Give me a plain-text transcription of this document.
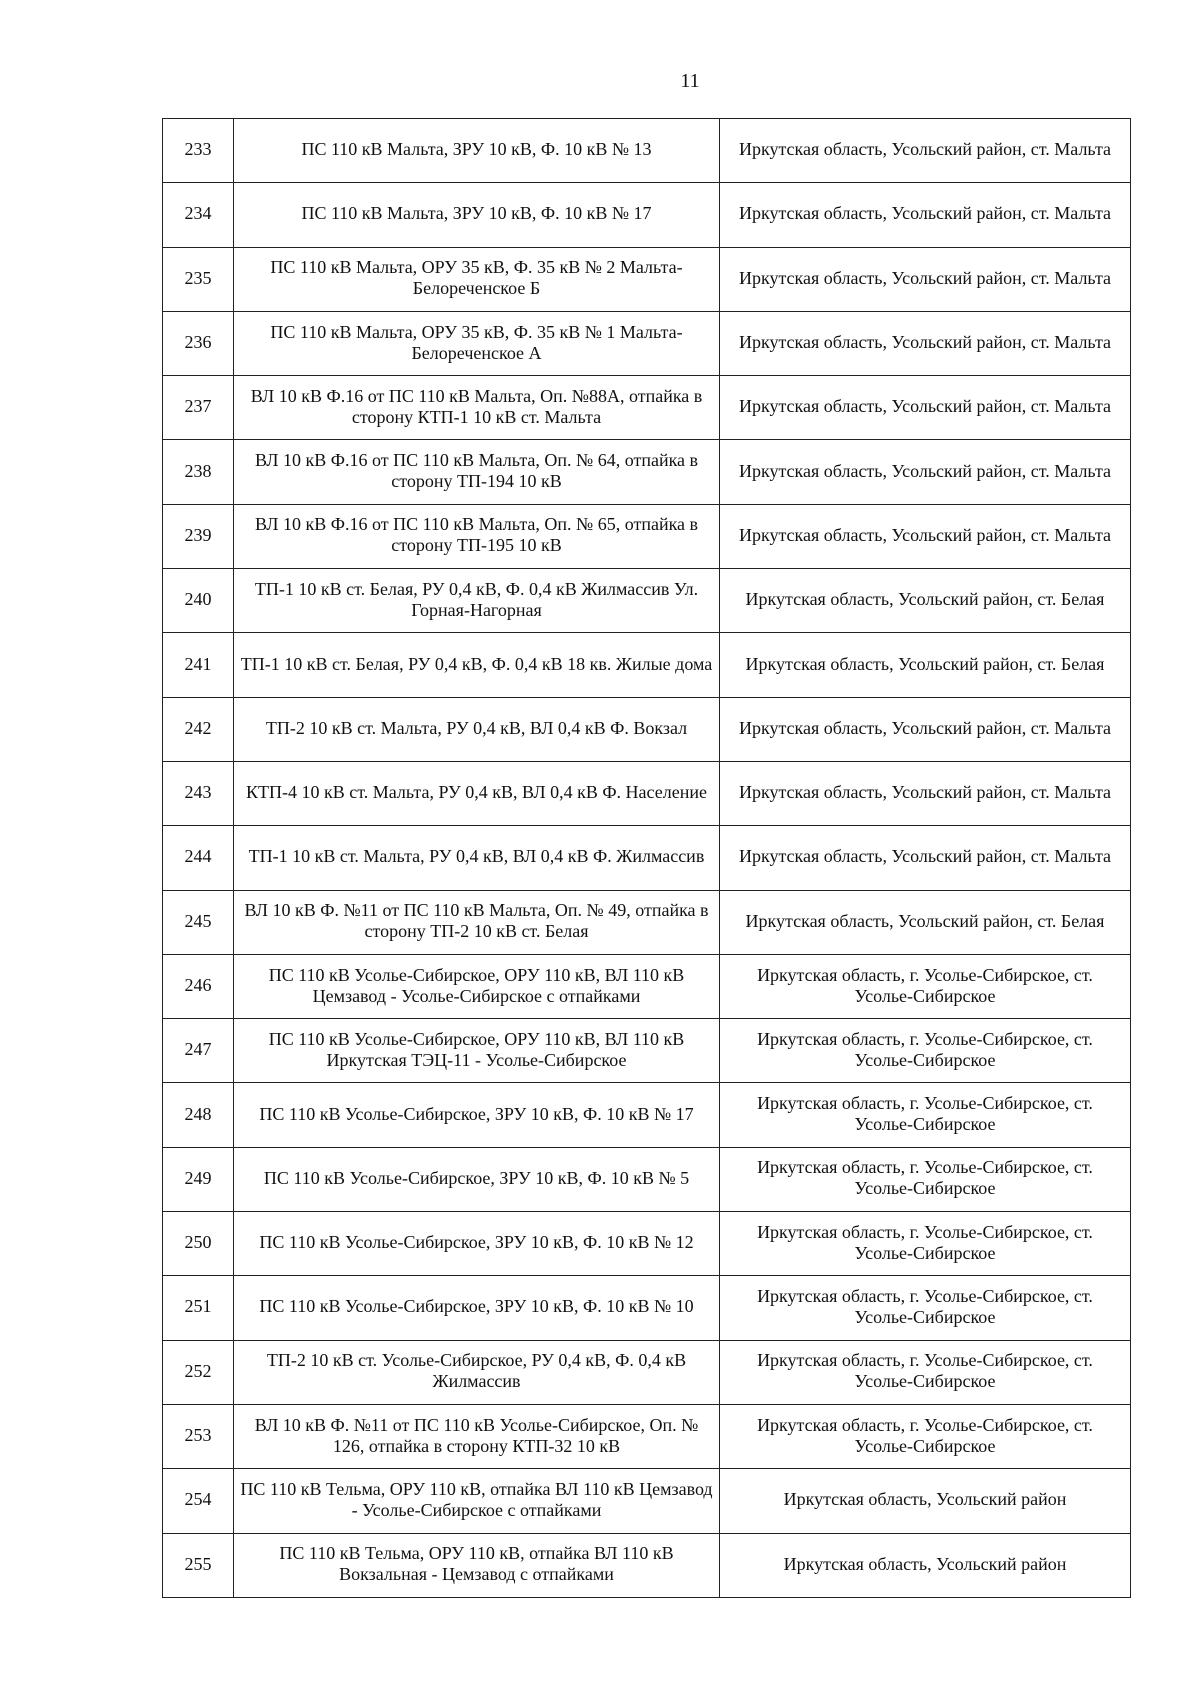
11
233	ПС 110 кВ Мальта, ЗРУ 10 кВ, Ф. 10 кВ № 13	Иркутская область, Усольский район, ст. Мальта
234	ПС 110 кВ Мальта, ЗРУ 10 кВ, Ф. 10 кВ № 17	Иркутская область, Усольский район, ст. Мальта
235	ПС 110 кВ Мальта, ОРУ 35 кВ, Ф. 35 кВ № 2 Мальта-Белореченское Б	Иркутская область, Усольский район, ст. Мальта
236	ПС 110 кВ Мальта, ОРУ 35 кВ, Ф. 35 кВ № 1 Мальта-Белореченское А	Иркутская область, Усольский район, ст. Мальта
237	ВЛ 10 кВ Ф.16 от ПС 110 кВ Мальта, Оп. №88А, отпайка в сторону КТП-1 10 кВ ст. Мальта	Иркутская область, Усольский район, ст. Мальта
238	ВЛ 10 кВ Ф.16 от ПС 110 кВ Мальта, Оп. № 64, отпайка в сторону ТП-194 10 кВ	Иркутская область, Усольский район, ст. Мальта
239	ВЛ 10 кВ Ф.16 от ПС 110 кВ Мальта, Оп. № 65, отпайка в сторону ТП-195 10 кВ	Иркутская область, Усольский район, ст. Мальта
240	ТП-1 10 кВ ст. Белая, РУ 0,4 кВ, Ф. 0,4 кВ Жилмассив Ул. Горная-Нагорная	Иркутская область, Усольский район, ст. Белая
241	ТП-1 10 кВ ст. Белая, РУ 0,4 кВ, Ф. 0,4 кВ 18 кв. Жилые дома	Иркутская область, Усольский район, ст. Белая
242	ТП-2 10 кВ ст. Мальта, РУ 0,4 кВ, ВЛ 0,4 кВ Ф. Вокзал	Иркутская область, Усольский район, ст. Мальта
243	КТП-4 10 кВ ст. Мальта, РУ 0,4 кВ, ВЛ 0,4 кВ Ф. Население	Иркутская область, Усольский район, ст. Мальта
244	ТП-1 10 кВ ст. Мальта, РУ 0,4 кВ, ВЛ 0,4 кВ Ф. Жилмассив	Иркутская область, Усольский район, ст. Мальта
245	ВЛ 10 кВ Ф. №11 от ПС 110 кВ Мальта, Оп. № 49, отпайка в сторону ТП-2 10 кВ ст. Белая	Иркутская область, Усольский район, ст. Белая
246	ПС 110 кВ Усолье-Сибирское, ОРУ 110 кВ, ВЛ 110 кВ Цемзавод - Усолье-Сибирское с отпайками	Иркутская область, г. Усолье-Сибирское, ст. Усолье-Сибирское
247	ПС 110 кВ Усолье-Сибирское, ОРУ 110 кВ, ВЛ 110 кВ Иркутская ТЭЦ-11 - Усолье-Сибирское	Иркутская область, г. Усолье-Сибирское, ст. Усолье-Сибирское
248	ПС 110 кВ Усолье-Сибирское, ЗРУ 10 кВ, Ф. 10 кВ № 17	Иркутская область, г. Усолье-Сибирское, ст. Усолье-Сибирское
249	ПС 110 кВ Усолье-Сибирское, ЗРУ 10 кВ, Ф. 10 кВ № 5	Иркутская область, г. Усолье-Сибирское, ст. Усолье-Сибирское
250	ПС 110 кВ Усолье-Сибирское, ЗРУ 10 кВ, Ф. 10 кВ № 12	Иркутская область, г. Усолье-Сибирское, ст. Усолье-Сибирское
251	ПС 110 кВ Усолье-Сибирское, ЗРУ 10 кВ, Ф. 10 кВ № 10	Иркутская область, г. Усолье-Сибирское, ст. Усолье-Сибирское
252	ТП-2 10 кВ ст. Усолье-Сибирское, РУ 0,4 кВ, Ф. 0,4 кВ Жилмассив	Иркутская область, г. Усолье-Сибирское, ст. Усолье-Сибирское
253	ВЛ 10 кВ Ф. №11 от ПС 110 кВ Усолье-Сибирское, Оп. № 126, отпайка в сторону КТП-32 10 кВ	Иркутская область, г. Усолье-Сибирское, ст. Усолье-Сибирское
254	ПС 110 кВ Тельма, ОРУ 110 кВ, отпайка ВЛ 110 кВ Цемзавод - Усолье-Сибирское с отпайками	Иркутская область, Усольский район
255	ПС 110 кВ Тельма, ОРУ 110 кВ, отпайка ВЛ 110 кВ Вокзальная - Цемзавод с отпайками	Иркутская область, Усольский район
